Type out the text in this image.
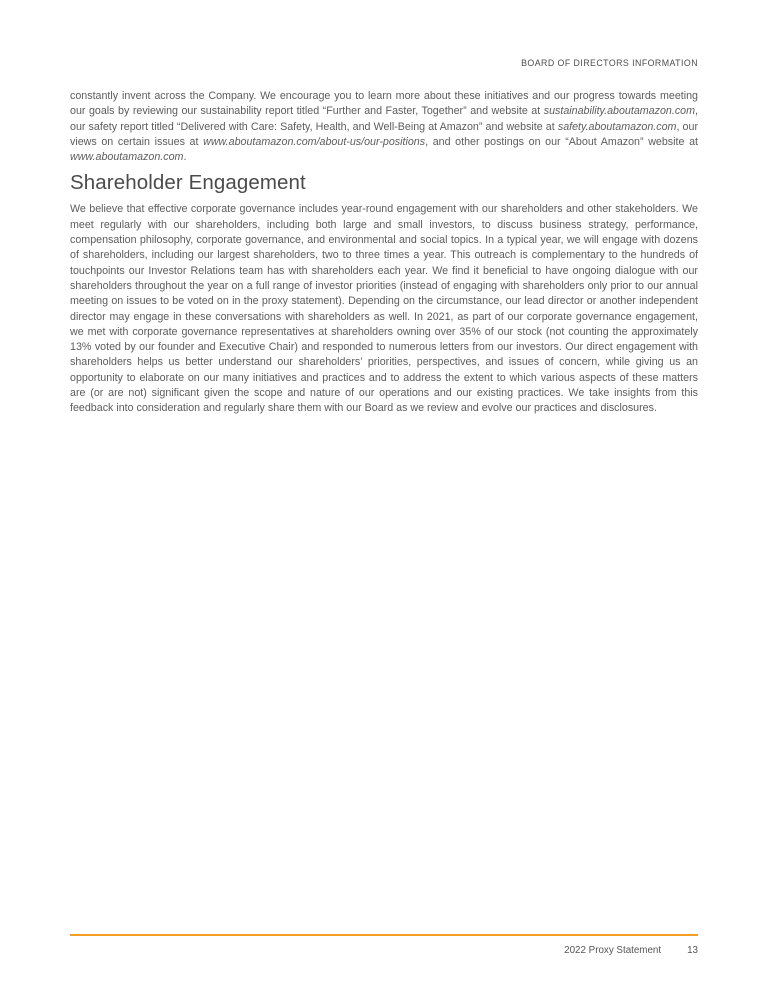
BOARD OF DIRECTORS INFORMATION

constantly invent across the Company. We encourage you to learn more about these initiatives and our progress towards meeting our goals by reviewing our sustainability report titled “Further and Faster, Together” and website at sustainability.aboutamazon.com, our safety report titled “Delivered with Care: Safety, Health, and Well-Being at Amazon” and website at safety.aboutamazon.com, our views on certain issues at www.aboutamazon.com/about-us/our-positions, and other postings on our “About Amazon” website at www.aboutamazon.com.

Shareholder Engagement

We believe that effective corporate governance includes year-round engagement with our shareholders and other stakeholders. We meet regularly with our shareholders, including both large and small investors, to discuss business strategy, performance, compensation philosophy, corporate governance, and environmental and social topics. In a typical year, we will engage with dozens of shareholders, including our largest shareholders, two to three times a year. This outreach is complementary to the hundreds of touchpoints our Investor Relations team has with shareholders each year. We find it beneficial to have ongoing dialogue with our shareholders throughout the year on a full range of investor priorities (instead of engaging with shareholders only prior to our annual meeting on issues to be voted on in the proxy statement). Depending on the circumstance, our lead director or another independent director may engage in these conversations with shareholders as well. In 2021, as part of our corporate governance engagement, we met with corporate governance representatives at shareholders owning over 35% of our stock (not counting the approximately 13% voted by our founder and Executive Chair) and responded to numerous letters from our investors. Our direct engagement with shareholders helps us better understand our shareholders’ priorities, perspectives, and issues of concern, while giving us an opportunity to elaborate on our many initiatives and practices and to address the extent to which various aspects of these matters are (or are not) significant given the scope and nature of our operations and our existing practices. We take insights from this feedback into consideration and regularly share them with our Board as we review and evolve our practices and disclosures.

2022 Proxy Statement	13
